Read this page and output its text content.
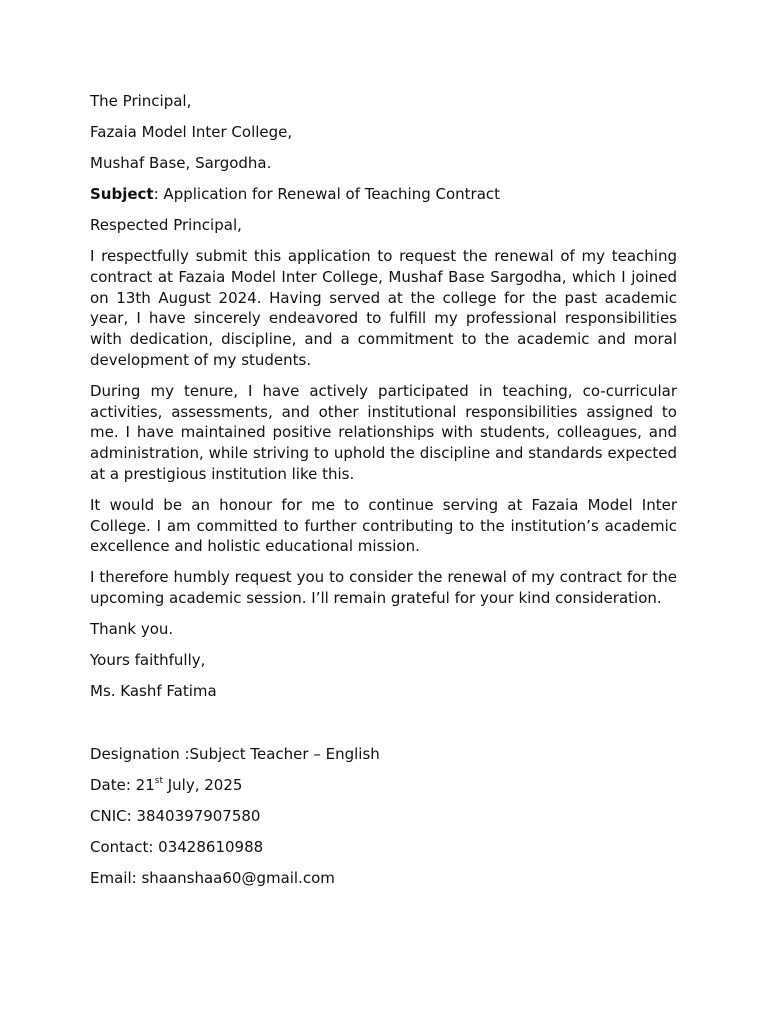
The Principal,
Fazaia Model Inter College,
Mushaf Base, Sargodha.
Subject: Application for Renewal of Teaching Contract
Respected Principal,

I respectfully submit this application to request the renewal of my teaching contract at Fazaia Model Inter College, Mushaf Base Sargodha, which I joined on 13th August 2024. Having served at the college for the past academic year, I have sincerely endeavored to fulfill my professional responsibilities with dedication, discipline, and a commitment to the academic and moral development of my students.

During my tenure, I have actively participated in teaching, co-curricular activities, assessments, and other institutional responsibilities assigned to me. I have maintained positive relationships with students, colleagues, and administration, while striving to uphold the discipline and standards expected at a prestigious institution like this.

It would be an honour for me to continue serving at Fazaia Model Inter College. I am committed to further contributing to the institution’s academic excellence and holistic educational mission.

I therefore humbly request you to consider the renewal of my contract for the upcoming academic session. I’ll remain grateful for your kind consideration.

Thank you.
Yours faithfully,
Ms. Kashf Fatima
Designation :Subject Teacher – English
Date: 21st July, 2025
CNIC: 3840397907580
Contact: 03428610988
Email: shaanshaa60@gmail.com
